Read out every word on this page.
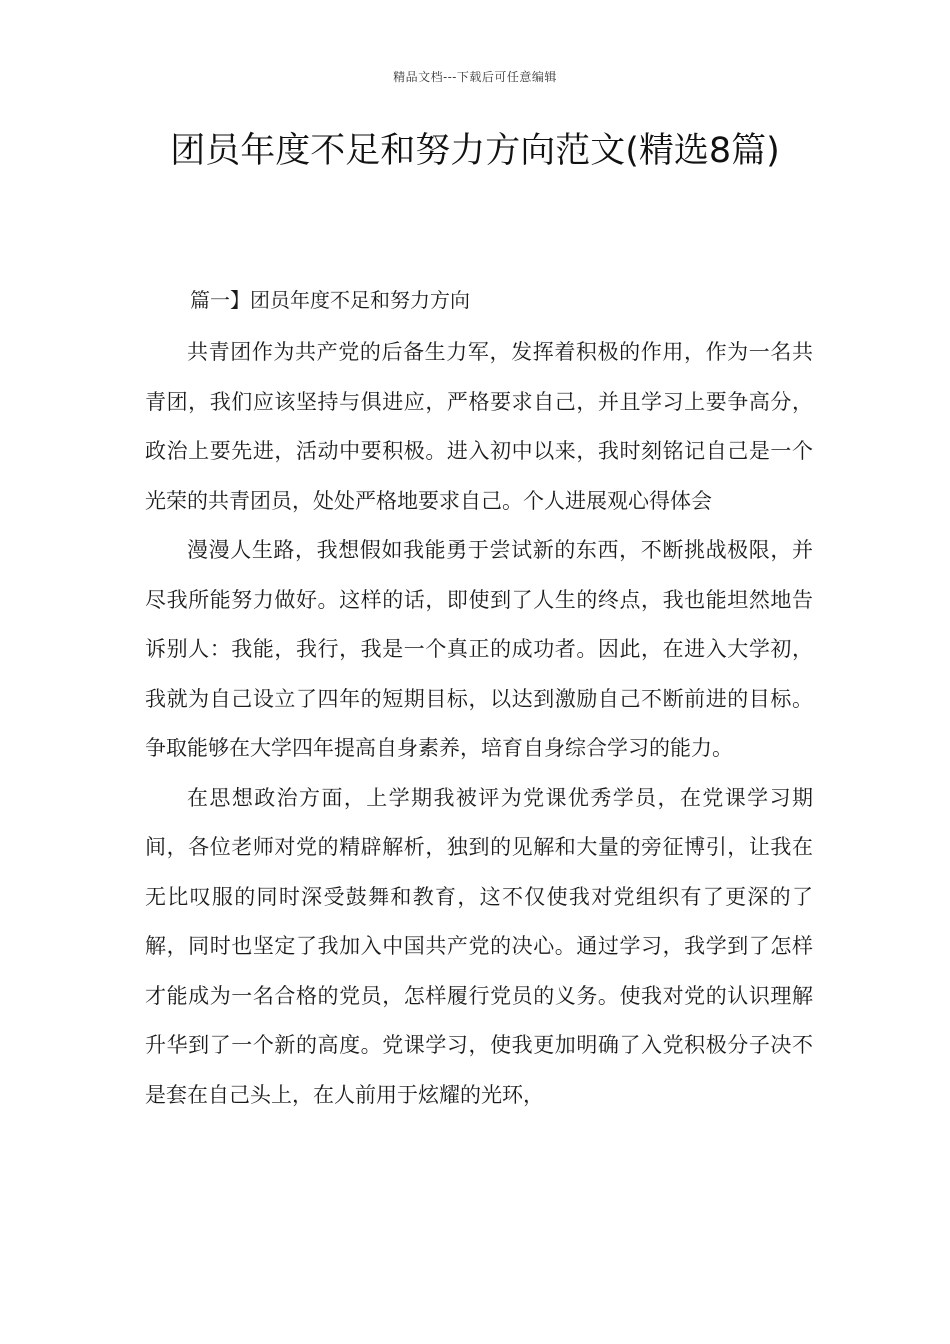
精品文档---下载后可任意编辑
团员年度不足和努力方向范文(精选8篇)
篇一】团员年度不足和努力方向

共青团作为共产党的后备生力军，发挥着积极的作用，作为一名共青团，我们应该坚持与俱进应，严格要求自己，并且学习上要争高分，政治上要先进，活动中要积极。进入初中以来，我时刻铭记自己是一个光荣的共青团员，处处严格地要求自己。个人进展观心得体会

漫漫人生路，我想假如我能勇于尝试新的东西，不断挑战极限，并尽我所能努力做好。这样的话，即使到了人生的终点，我也能坦然地告诉别人：我能，我行，我是一个真正的成功者。因此，在进入大学初，我就为自己设立了四年的短期目标，以达到激励自己不断前进的目标。争取能够在大学四年提高自身素养，培育自身综合学习的能力。

在思想政治方面，上学期我被评为党课优秀学员，在党课学习期间，各位老师对党的精辟解析，独到的见解和大量的旁征博引，让我在无比叹服的同时深受鼓舞和教育，这不仅使我对党组织有了更深的了解，同时也坚定了我加入中国共产党的决心。通过学习，我学到了怎样才能成为一名合格的党员，怎样履行党员的义务。使我对党的认识理解升华到了一个新的高度。党课学习，使我更加明确了入党积极分子决不是套在自己头上，在人前用于炫耀的光环，
